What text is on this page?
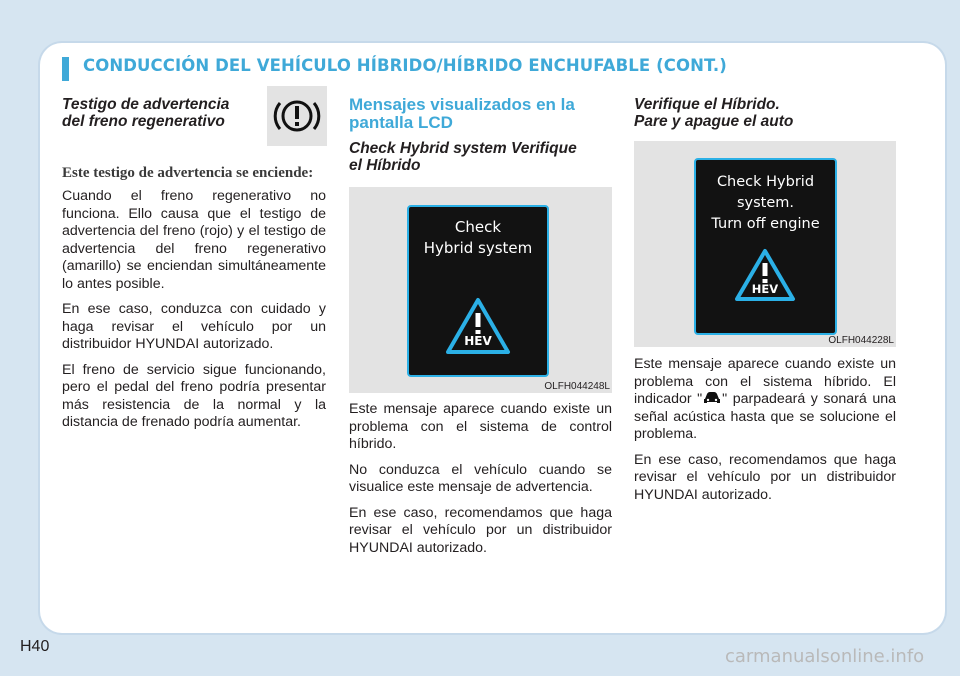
CONDUCCIÓN DEL VEHÍCULO HÍBRIDO/HÍBRIDO ENCHUFABLE (CONT.)
Testigo de advertencia del freno regenerativo

Este testigo de advertencia se enciende:

Cuando el freno regenerativo no funciona. Ello causa que el testigo de advertencia del freno (rojo) y el testigo de advertencia del freno regenerativo (amarillo) se enciendan simultáneamente lo antes posible.

En ese caso, conduzca con cuidado y haga revisar el vehículo por un distribuidor HYUNDAI autorizado.

El freno de servicio sigue funcionando, pero el pedal del freno podría presentar más resistencia de la normal y la distancia de frenado podría aumentar.

Mensajes visualizados en la pantalla LCD
Check Hybrid system Verifique el Híbrido
Check
Hybrid system
HEV
OLFH044248L

Este mensaje aparece cuando existe un problema con el sistema de control híbrido.

No conduzca el vehículo cuando se visualice este mensaje de advertencia.

En ese caso, recomendamos que haga revisar el vehículo por un distribuidor HYUNDAI autorizado.

Verifique el Híbrido.
Pare y apague el auto
Check Hybrid
system.
Turn off engine
HEV
OLFH044228L

Este mensaje aparece cuando existe un problema con el sistema híbrido. El indicador " " parpadeará y sonará una señal acústica hasta que se solucione el problema.

En ese caso, recomendamos que haga revisar el vehículo por un distribuidor HYUNDAI autorizado.

H40	carmanualsonline.info
